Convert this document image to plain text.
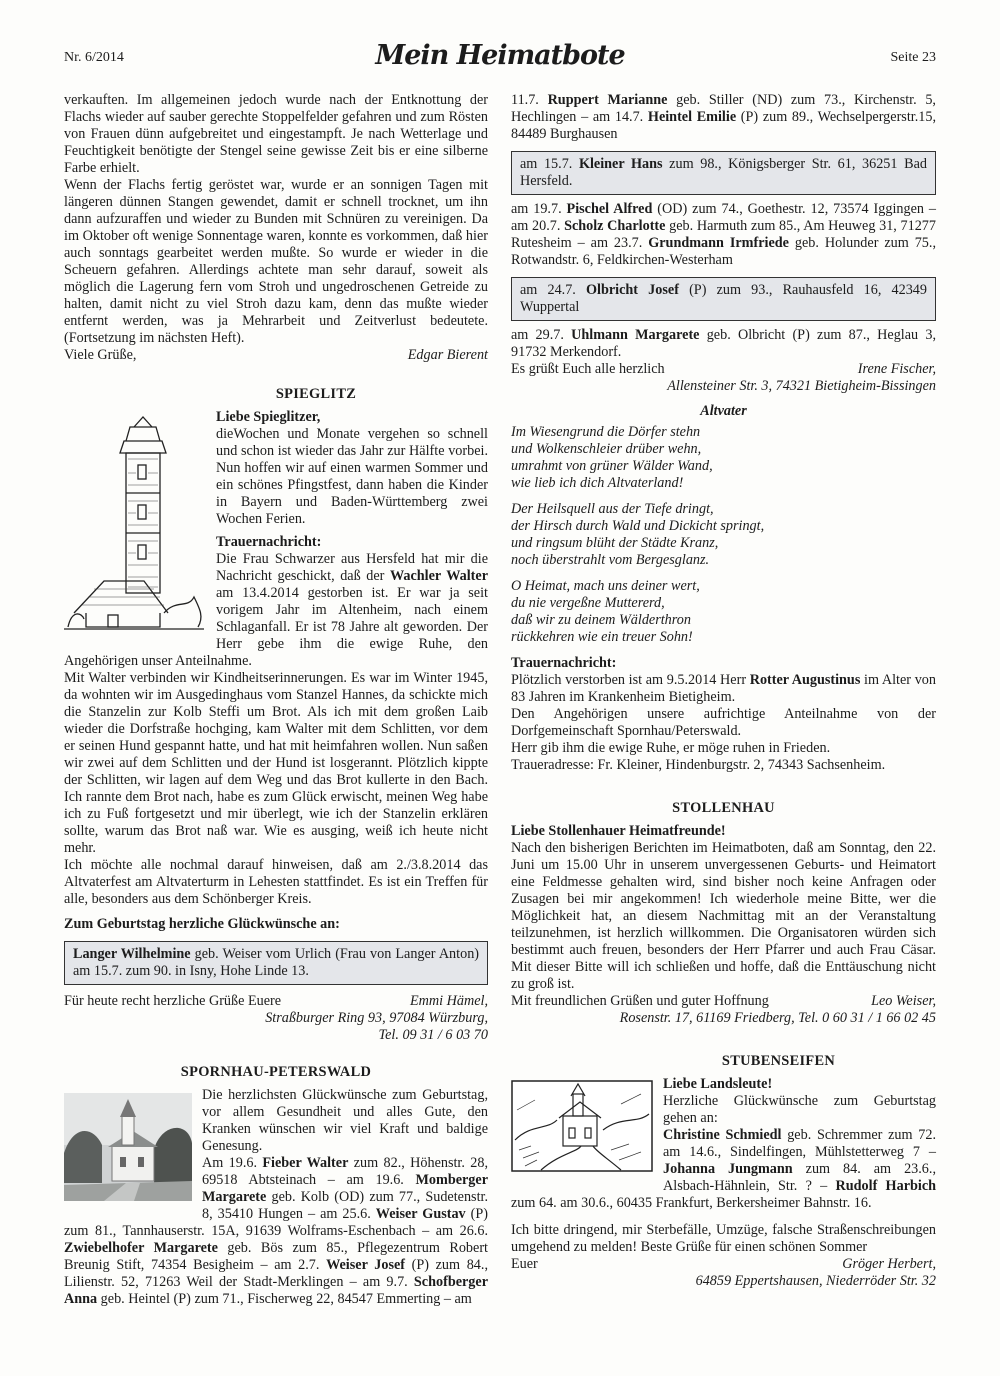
Nr. 6/2014	Mein Heimatbote	Seite 23

verkauften. Im allgemeinen jedoch wurde nach der Entknottung der Flachs wieder auf sauber gerechte Stoppelfelder gefahren und zum Rösten von Frauen dünn aufgebreitet und eingestampft. Je nach Wetterlage und Feuchtigkeit benötigte der Stengel seine gewisse Zeit bis er eine silberne Farbe erhielt.

Wenn der Flachs fertig geröstet war, wurde er an sonnigen Tagen mit längeren dünnen Stangen gewendet, damit er schnell trocknet, um ihn dann aufzuraffen und wieder zu Bunden mit Schnüren zu vereinigen. Da im Oktober oft wenige Sonnentage waren, konnte es vorkommen, daß hier auch sonntags gearbeitet werden mußte. So wurde er wieder in die Scheuern gefahren. Allerdings achtete man sehr darauf, soweit als möglich die Lagerung fern vom Stroh und ungedroschenen Getreide zu halten, damit nicht zu viel Stroh dazu kam, denn das mußte wieder entfernt werden, was ja Mehrarbeit und Zeitverlust bedeutete. (Fortsetzung im nächsten Heft).

Viele Grüße,	Edgar Bierent
SPIEGLITZ

Liebe Spieglitzer,

dieWochen und Monate vergehen so schnell und schon ist wieder das Jahr zur Hälfte vorbei. Nun hoffen wir auf einen warmen Sommer und ein schönes Pfingstfest, dann haben die Kinder in Bayern und Baden-Württemberg zwei Wochen Ferien.

Trauernachricht:

Die Frau Schwarzer aus Hersfeld hat mir die Nachricht geschickt, daß der Wachler Walter am 13.4.2014 gestorben ist. Er war ja seit vorigem Jahr im Altenheim, nach einem Schlaganfall. Er ist 78 Jahre alt geworden. Der Herr gebe ihm die ewige Ruhe, den Angehörigen unser Anteilnahme.

Mit Walter verbinden wir Kindheitserinnerungen. Es war im Winter 1945, da wohnten wir im Ausgedinghaus vom Stanzel Hannes, da schickte mich die Stanzelin zur Kolb Steffi um Brot. Als ich mit dem großen Laib wieder die Dorfstraße hochging, kam Walter mit dem Schlitten, vor dem er seinen Hund gespannt hatte, und hat mit heimfahren wollen. Nun saßen wir zwei auf dem Schlitten und der Hund ist losgerannt. Plötzlich kippte der Schlitten, wir lagen auf dem Weg und das Brot kullerte in den Bach. Ich rannte dem Brot nach, habe es zum Glück erwischt, meinen Weg habe ich zu Fuß fortgesetzt und mir überlegt, wie ich der Stanzelin erklären sollte, warum das Brot naß war. Wie es ausging, weiß ich heute nicht mehr.

Ich möchte alle nochmal darauf hinweisen, daß am 2./3.8.2014 das Altvaterfest am Altvaterturm in Lehesten stattfindet. Es ist ein Treffen für alle, besonders aus dem Schönberger Kreis.

Zum Geburtstag herzliche Glückwünsche an:

Langer Wilhelmine geb. Weiser vom Urlich (Frau von Langer Anton) am 15.7. zum 90. in Isny, Hohe Linde 13.

Für heute recht herzliche Grüße Euere	Emmi Hämel,
Straßburger Ring 93, 97084 Würzburg,
Tel. 09 31 / 6 03 70
SPORNHAU-PETERSWALD

Die herzlichsten Glückwünsche zum Geburtstag, vor allem Gesundheit und alles Gute, den Kranken wünschen wir viel Kraft und baldige Genesung.

Am 19.6. Fieber Walter zum 82., Höhenstr. 28, 69518 Abtsteinach – am 19.6. Momberger Margarete geb. Kolb (OD) zum 77., Sudetenstr. 8, 35410 Hungen – am 25.6. Weiser Gustav (P) zum 81., Tannhauserstr. 15A, 91639 Wolframs-Eschenbach – am 26.6. Zwiebelhofer Margarete geb. Bös zum 85., Pflegezentrum Robert Breunig Stift, 74354 Besigheim – am 2.7. Weiser Josef (P) zum 84., Lilienstr. 52, 71263 Weil der Stadt-Merklingen – am 9.7. Schofberger Anna geb. Heintel (P) zum 71., Fischerweg 22, 84547 Emmerting – am

11.7. Ruppert Marianne geb. Stiller (ND) zum 73., Kirchenstr. 5, Hechlingen – am 14.7. Heintel Emilie (P) zum 89., Wechselpergerstr.15, 84489 Burghausen

am 15.7. Kleiner Hans zum 98., Königsberger Str. 61, 36251 Bad Hersfeld.

am 19.7. Pischel Alfred (OD) zum 74., Goethestr. 12, 73574 Iggingen – am 20.7. Scholz Charlotte geb. Harmuth zum 85., Am Heuweg 31, 71277 Rutesheim – am 23.7. Grundmann Irmfriede geb. Holunder zum 75., Rotwandstr. 6, Feldkirchen-Westerham

am 24.7. Olbricht Josef (P) zum 93., Rauhausfeld 16, 42349 Wuppertal

am 29.7. Uhlmann Margarete geb. Olbricht (P) zum 87., Heglau 3, 91732 Merkendorf.

Es grüßt Euch alle herzlich	Irene Fischer,
Allensteiner Str. 3, 74321 Bietigheim-Bissingen
Altvater
Im Wiesengrund die Dörfer stehn
und Wolkenschleier drüber wehn,
umrahmt von grüner Wälder Wand,
wie lieb ich dich Altvaterland!
Der Heilsquell aus der Tiefe dringt,
der Hirsch durch Wald und Dickicht springt,
und ringsum blüht der Städte Kranz,
noch überstrahlt vom Bergesglanz.
O Heimat, mach uns deiner wert,
du nie vergeßne Muttererd,
daß wir zu deinem Wälderthron
rückkehren wie ein treuer Sohn!

Trauernachricht:

Plötzlich verstorben ist am 9.5.2014 Herr Rotter Augustinus im Alter von 83 Jahren im Krankenheim Bietigheim.

Den Angehörigen unsere aufrichtige Anteilnahme von der Dorfgemeinschaft Spornhau/Peterswald.

Herr gib ihm die ewige Ruhe, er möge ruhen in Frieden.

Traueradresse: Fr. Kleiner, Hindenburgstr. 2, 74343 Sachsenheim.

STOLLENHAU

Liebe Stollenhauer Heimatfreunde!

Nach den bisherigen Berichten im Heimatboten, daß am Sonntag, den 22. Juni um 15.00 Uhr in unserem unvergessenen Geburts- und Heimatort eine Feldmesse gehalten wird, sind bisher noch keine Anfragen oder Zusagen bei mir angekommen! Ich wiederhole meine Bitte, wer die Möglichkeit hat, an diesem Nachmittag mit an der Veranstaltung teilzunehmen, ist herzlich willkommen. Die Organisatoren würden sich bestimmt auch freuen, besonders der Herr Pfarrer und auch Frau Cäsar. Mit dieser Bitte will ich schließen und hoffe, daß die Enttäuschung nicht zu groß ist.

Mit freundlichen Grüßen und guter Hoffnung	Leo Weiser,
Rosenstr. 17, 61169 Friedberg, Tel. 0 60 31 / 1 66 02 45
STUBENSEIFEN

Liebe Landsleute!

Herzliche Glückwünsche zum Geburtstag gehen an:

Christine Schmiedl geb. Schremmer zum 72. am 14.6., Sindelfingen, Mühlstetterweg 7 – Johanna Jungmann zum 84. am 23.6., Alsbach-Hähnlein, Str. ? – Rudolf Harbich zum 64. am 30.6., 60435 Frankfurt, Berkersheimer Bahnstr. 16.

Ich bitte dringend, mir Sterbefälle, Umzüge, falsche Straßenschreibungen umgehend zu melden! Beste Grüße für einen schönen Sommer

Euer	Gröger Herbert,
64859 Eppertshausen, Niederröder Str. 32
